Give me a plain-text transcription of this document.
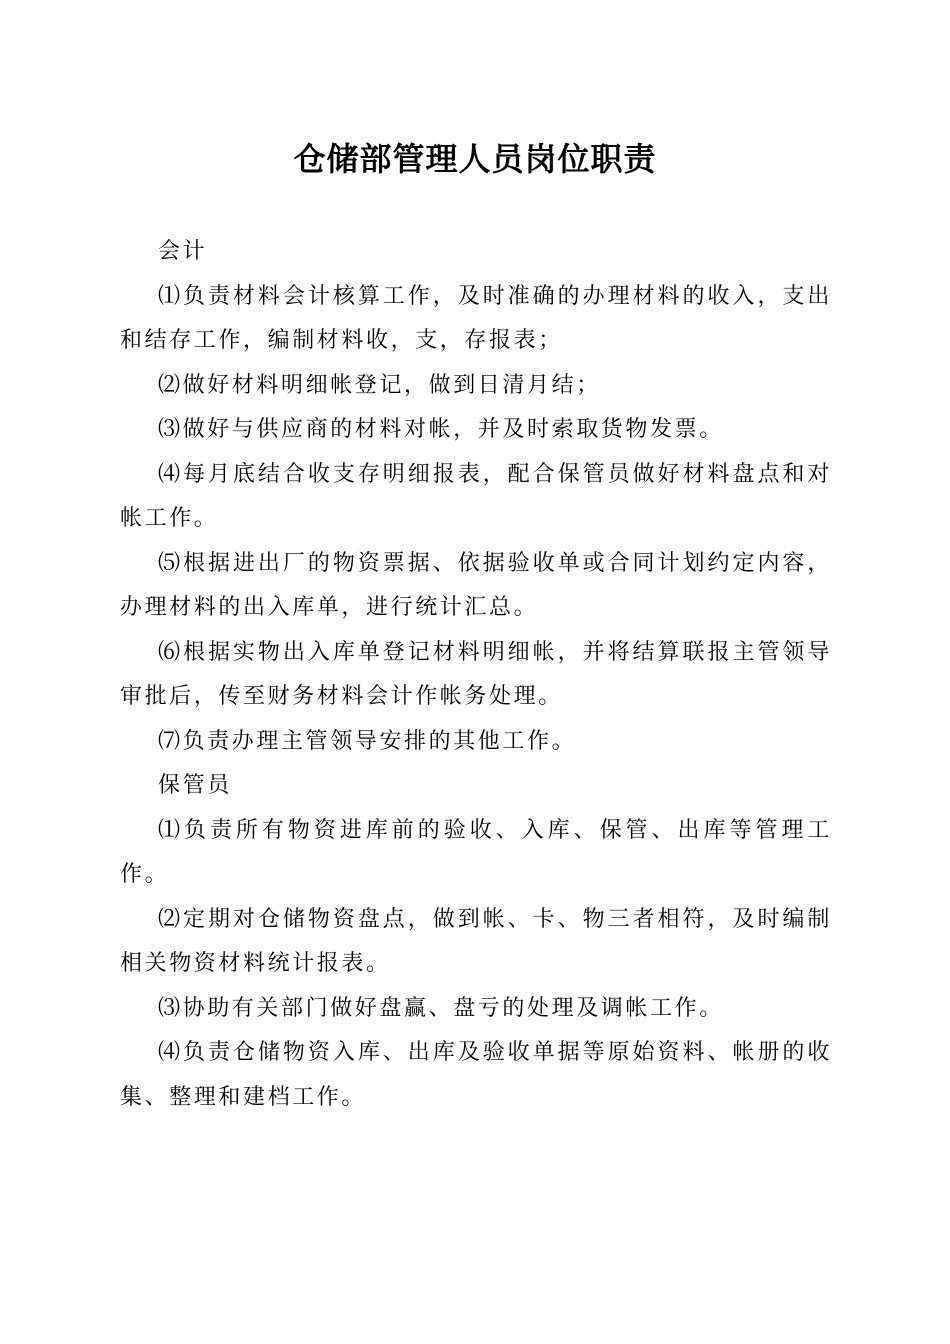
仓储部管理人员岗位职责

会计

⑴负责材料会计核算工作，及时准确的办理材料的收入，支出和结存工作，编制材料收，支，存报表；

⑵做好材料明细帐登记，做到日清月结；

⑶做好与供应商的材料对帐，并及时索取货物发票。

⑷每月底结合收支存明细报表，配合保管员做好材料盘点和对帐工作。

⑸根据进出厂的物资票据、依据验收单或合同计划约定内容，办理材料的出入库单，进行统计汇总。

⑹根据实物出入库单登记材料明细帐，并将结算联报主管领导审批后，传至财务材料会计作帐务处理。

⑺负责办理主管领导安排的其他工作。

保管员

⑴负责所有物资进库前的验收、入库、保管、出库等管理工作。

⑵定期对仓储物资盘点，做到帐、卡、物三者相符，及时编制相关物资材料统计报表。

⑶协助有关部门做好盘赢、盘亏的处理及调帐工作。

⑷负责仓储物资入库、出库及验收单据等原始资料、帐册的收集、整理和建档工作。
